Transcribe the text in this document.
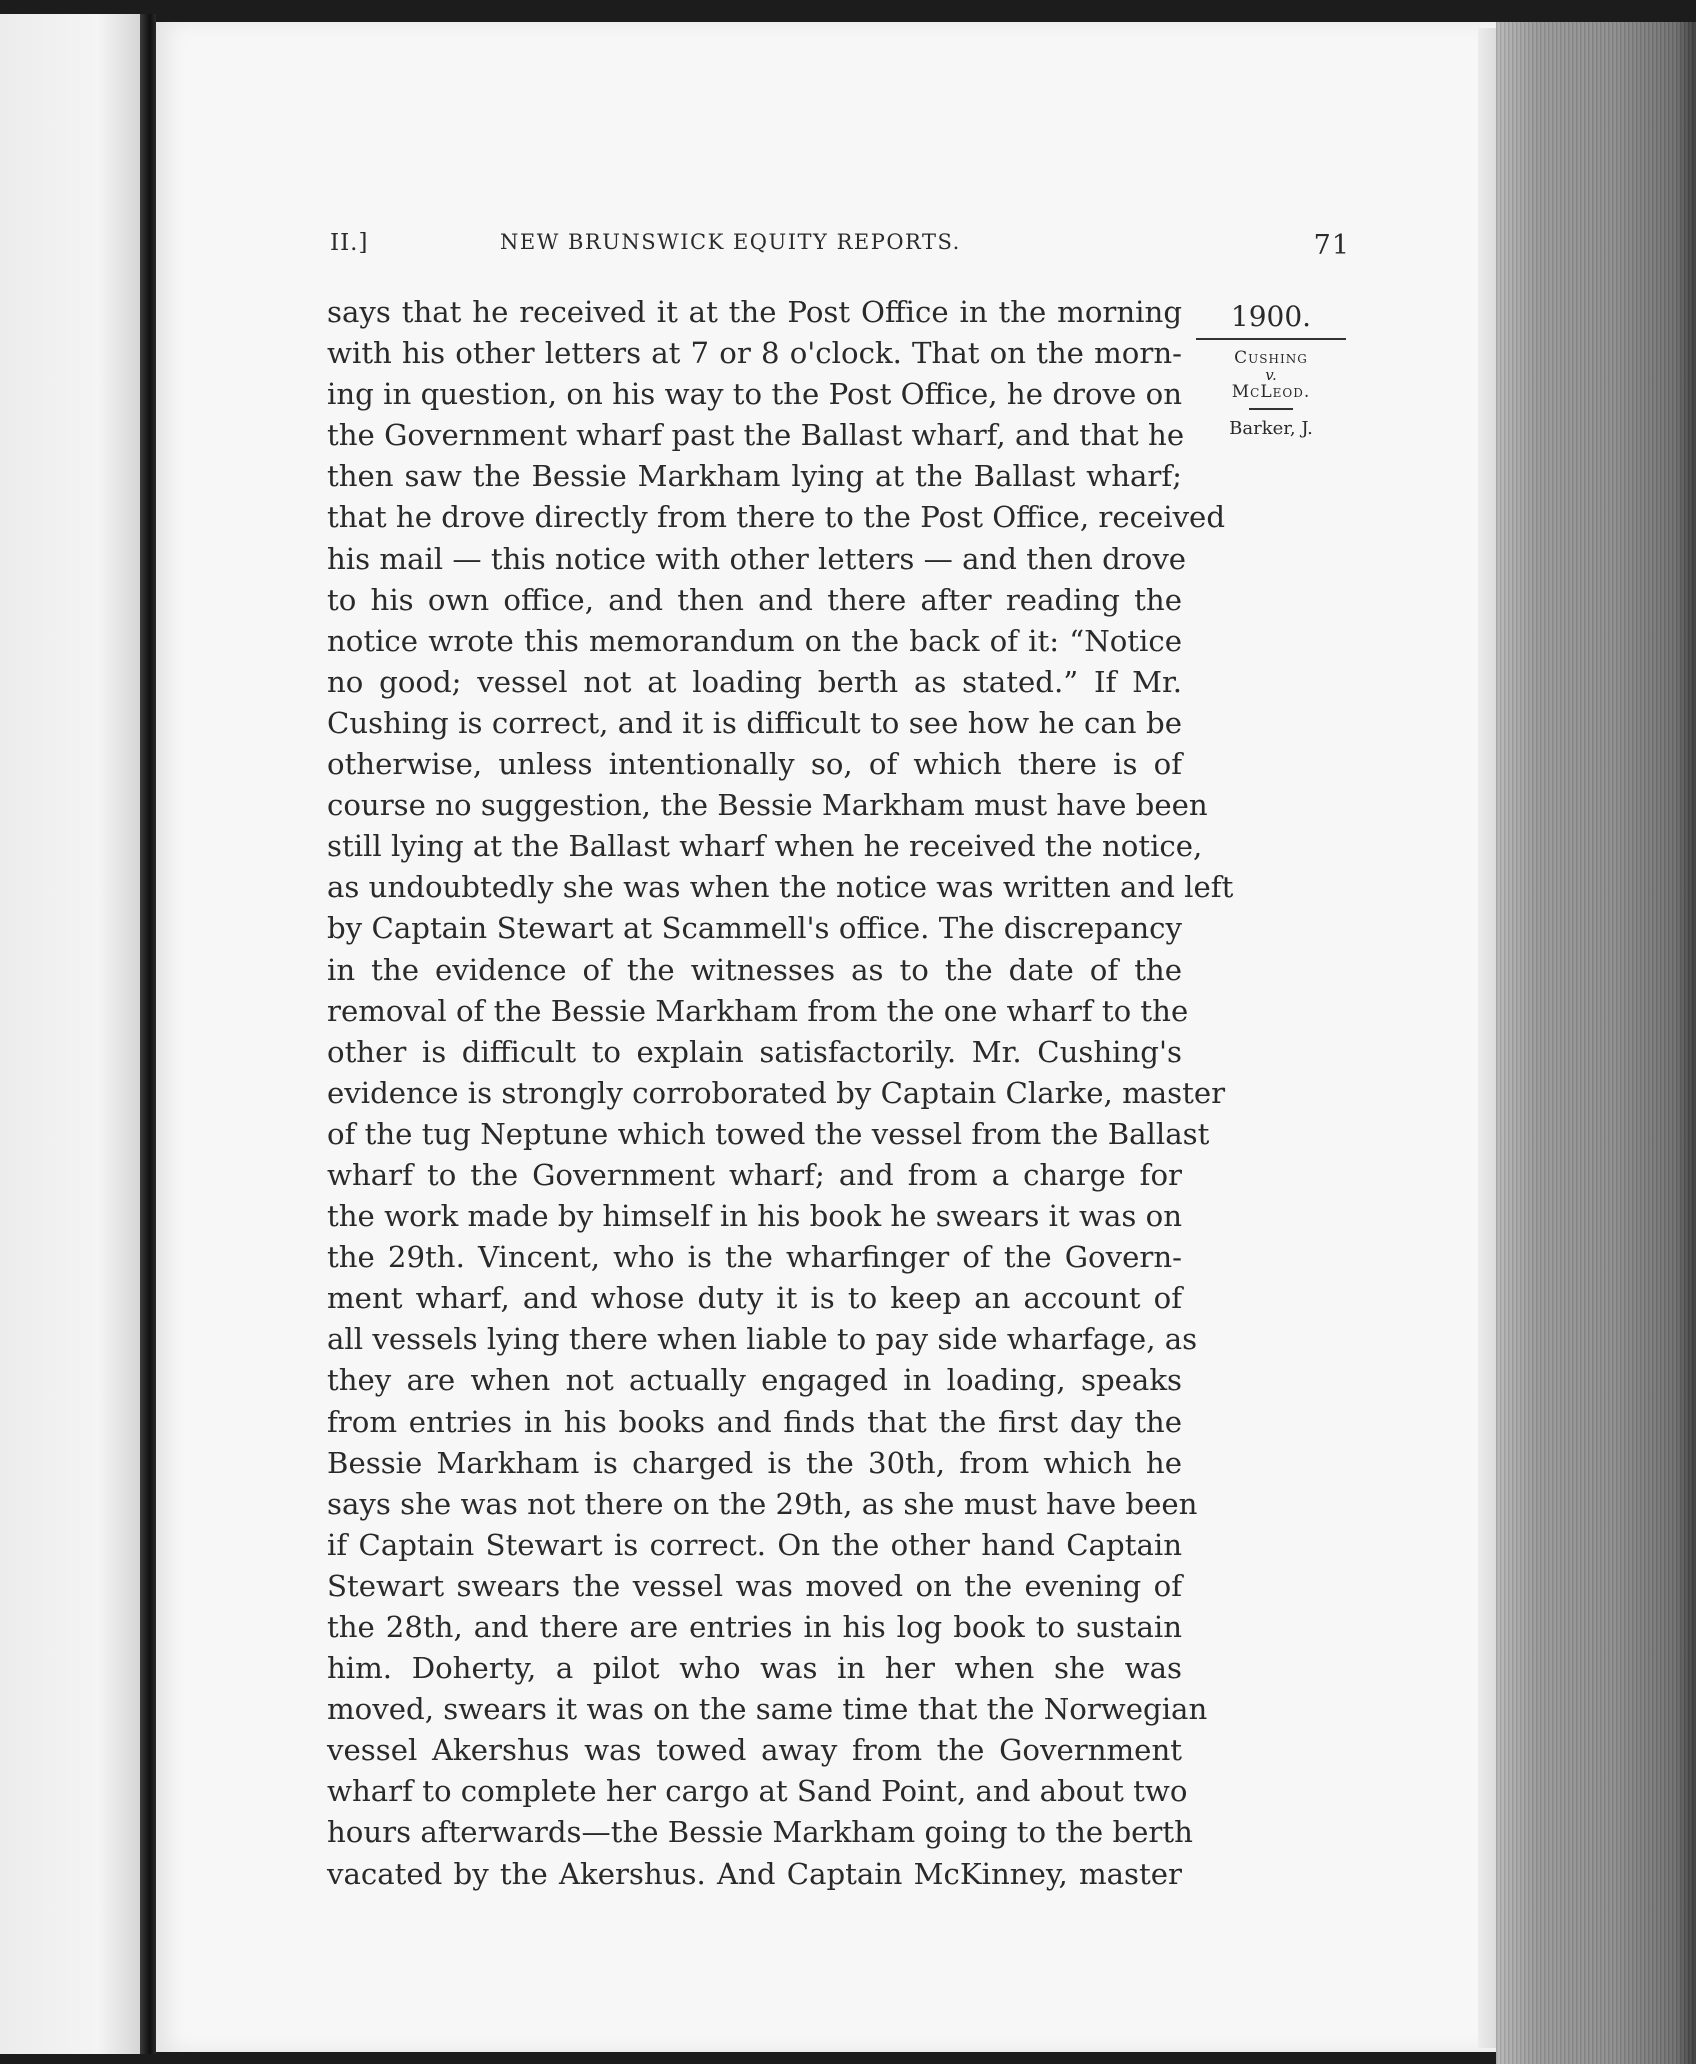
II.]	NEW BRUNSWICK EQUITY REPORTS.	71
1900.
Cushing
v.
McLeod.
Barker, J.
says that he received it at the Post Office in the morning
with his other letters at 7 or 8 o'clock. That on the morn-
ing in question, on his way to the Post Office, he drove on
the Government wharf past the Ballast wharf, and that he
then saw the Bessie Markham lying at the Ballast wharf;
that he drove directly from there to the Post Office, received
his mail — this notice with other letters — and then drove
to his own office, and then and there after reading the
notice wrote this memorandum on the back of it: “Notice
no good; vessel not at loading berth as stated.” If Mr.
Cushing is correct, and it is difficult to see how he can be
otherwise, unless intentionally so, of which there is of
course no suggestion, the Bessie Markham must have been
still lying at the Ballast wharf when he received the notice,
as undoubtedly she was when the notice was written and left
by Captain Stewart at Scammell's office. The discrepancy
in the evidence of the witnesses as to the date of the
removal of the Bessie Markham from the one wharf to the
other is difficult to explain satisfactorily. Mr. Cushing's
evidence is strongly corroborated by Captain Clarke, master
of the tug Neptune which towed the vessel from the Ballast
wharf to the Government wharf; and from a charge for
the work made by himself in his book he swears it was on
the 29th. Vincent, who is the wharfinger of the Govern-
ment wharf, and whose duty it is to keep an account of
all vessels lying there when liable to pay side wharfage, as
they are when not actually engaged in loading, speaks
from entries in his books and finds that the first day the
Bessie Markham is charged is the 30th, from which he
says she was not there on the 29th, as she must have been
if Captain Stewart is correct. On the other hand Captain
Stewart swears the vessel was moved on the evening of
the 28th, and there are entries in his log book to sustain
him. Doherty, a pilot who was in her when she was
moved, swears it was on the same time that the Norwegian
vessel Akershus was towed away from the Government
wharf to complete her cargo at Sand Point, and about two
hours afterwards—the Bessie Markham going to the berth
vacated by the Akershus. And Captain McKinney, master
